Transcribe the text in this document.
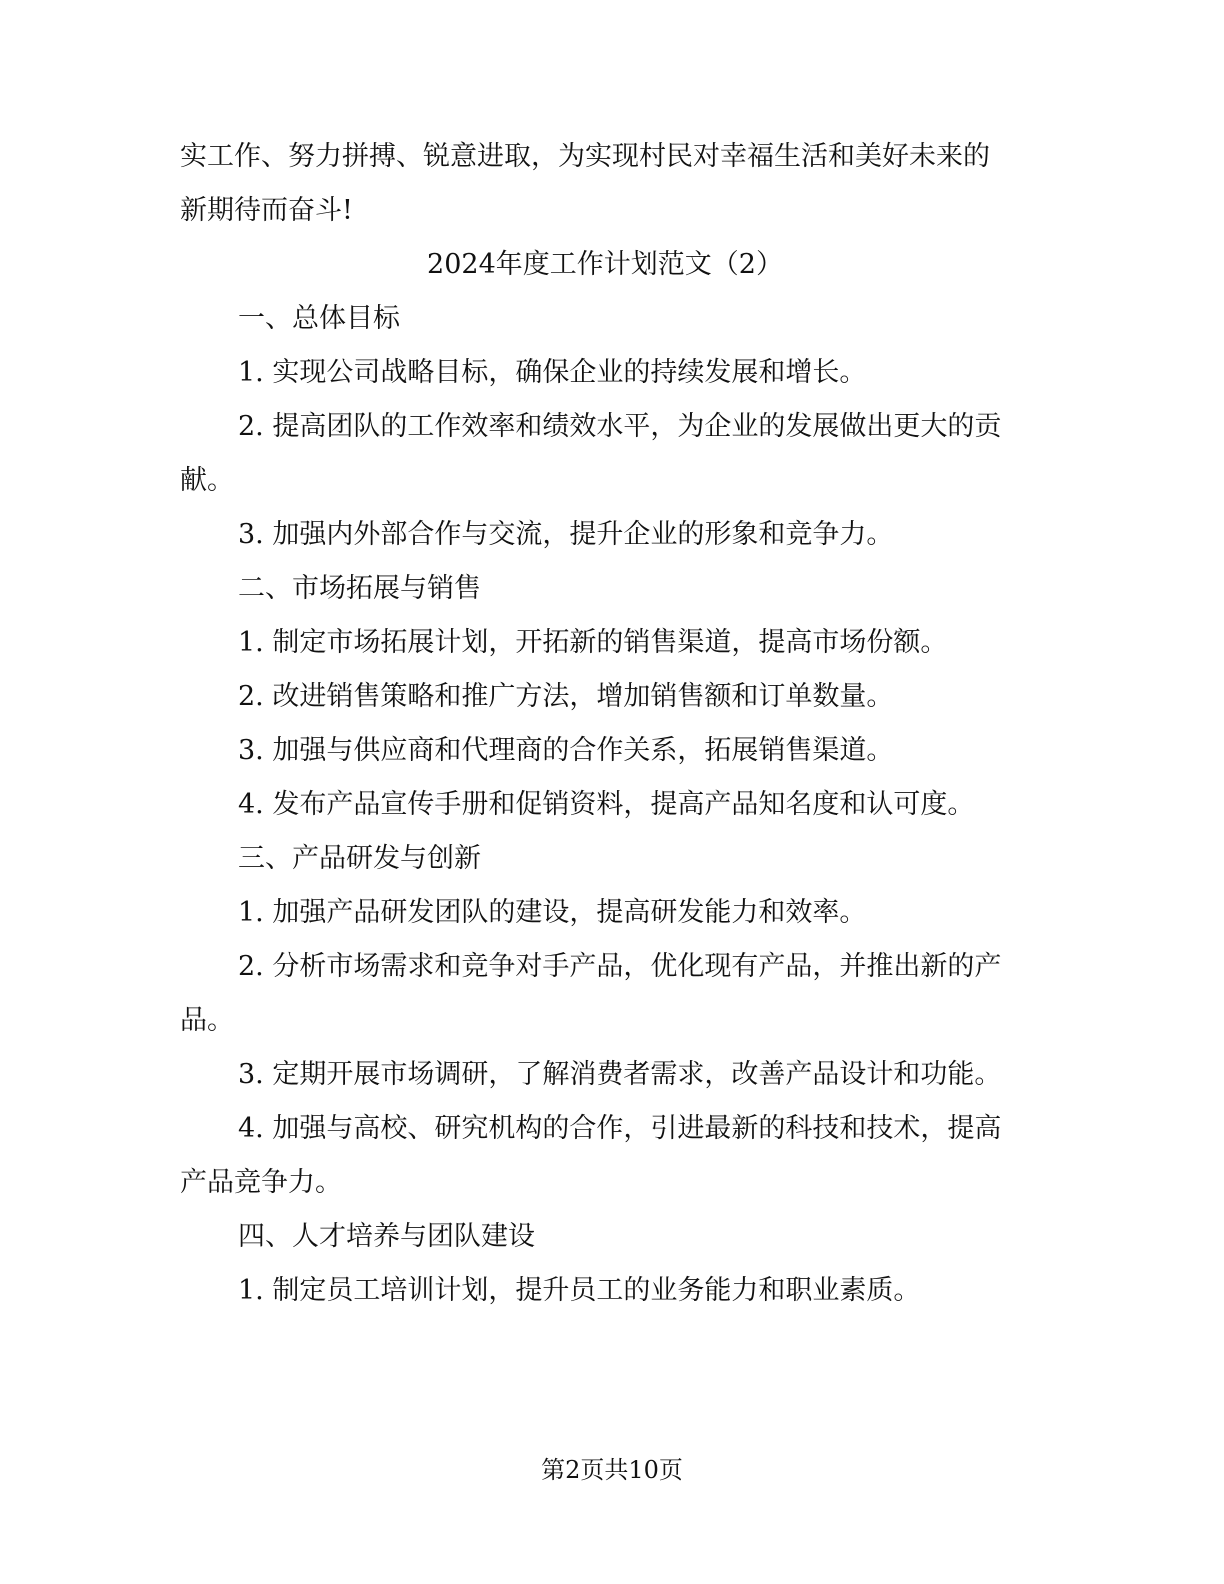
实工作、努力拼搏、锐意进取，为实现村民对幸福生活和美好未来的

新期待而奋斗!

2024年度工作计划范文（2）

一、总体目标

1. 实现公司战略目标，确保企业的持续发展和增长。

2. 提高团队的工作效率和绩效水平，为企业的发展做出更大的贡

献。

3. 加强内外部合作与交流，提升企业的形象和竞争力。

二、市场拓展与销售

1. 制定市场拓展计划，开拓新的销售渠道，提高市场份额。

2. 改进销售策略和推广方法，增加销售额和订单数量。

3. 加强与供应商和代理商的合作关系，拓展销售渠道。

4. 发布产品宣传手册和促销资料，提高产品知名度和认可度。

三、产品研发与创新

1. 加强产品研发团队的建设，提高研发能力和效率。

2. 分析市场需求和竞争对手产品，优化现有产品，并推出新的产

品。

3. 定期开展市场调研，了解消费者需求，改善产品设计和功能。

4. 加强与高校、研究机构的合作，引进最新的科技和技术，提高

产品竞争力。

四、人才培养与团队建设

1. 制定员工培训计划，提升员工的业务能力和职业素质。

第2页共10页
